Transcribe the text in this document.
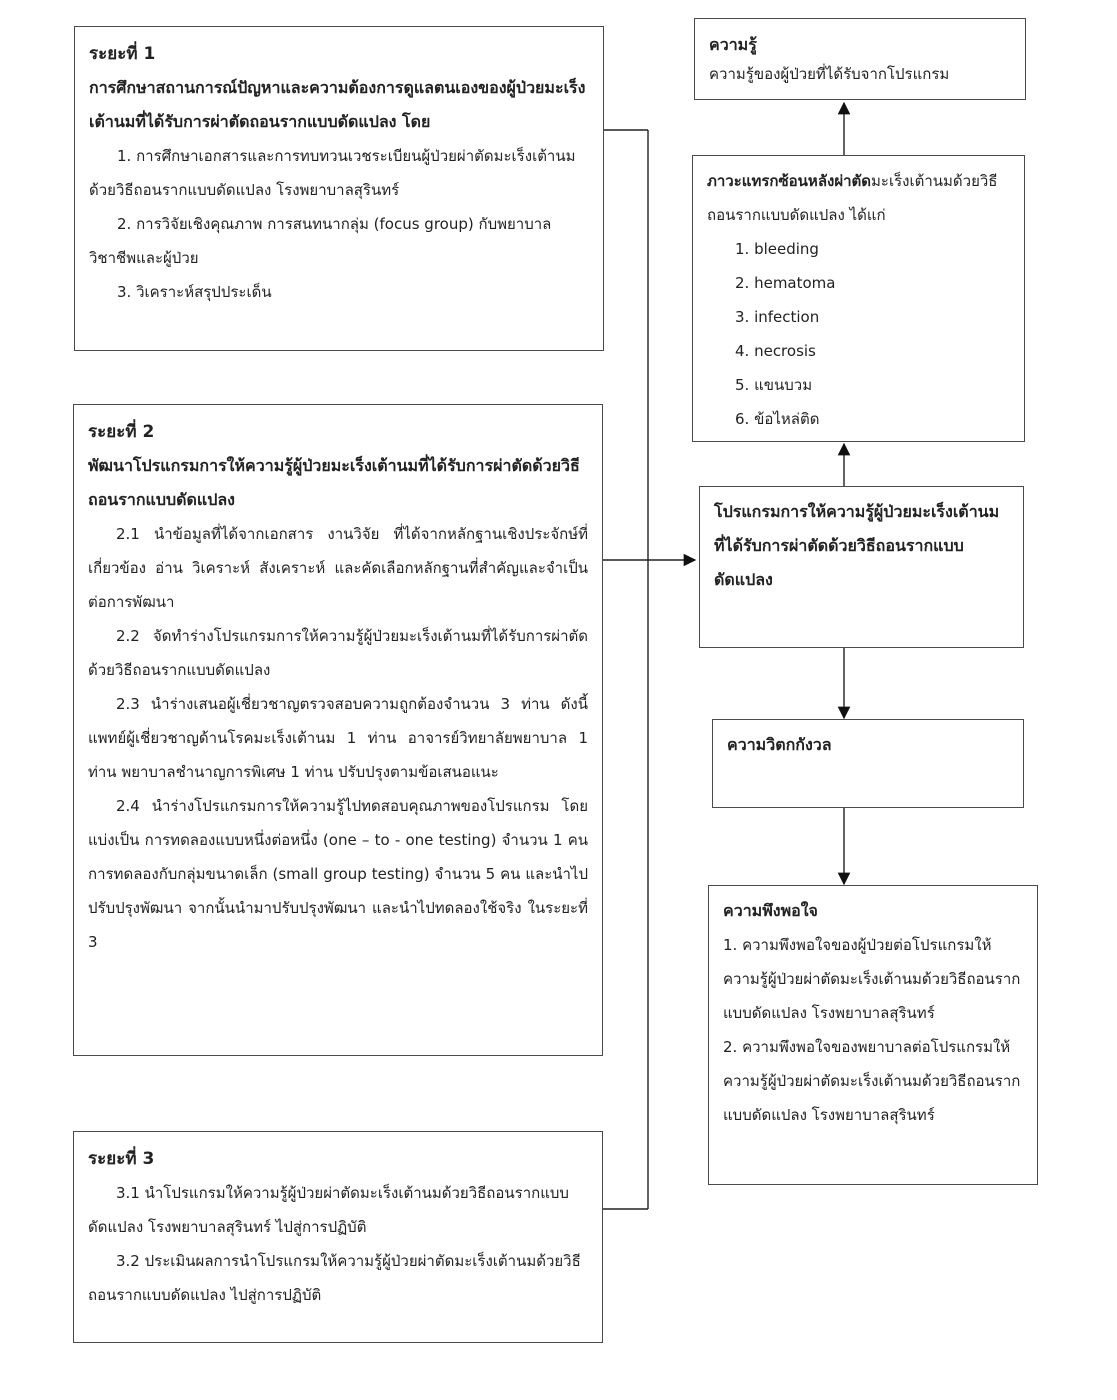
ระยะที่ 1
การศึกษาสถานการณ์ปัญหาและความต้องการดูแลตนเองของผู้ป่วยมะเร็งเต้านมที่ได้รับการผ่าตัดถอนรากแบบดัดแปลง โดย
1. การศึกษาเอกสารและการทบทวนเวชระเบียนผู้ป่วยผ่าตัดมะเร็งเต้านมด้วยวิธีถอนรากแบบดัดแปลง โรงพยาบาลสุรินทร์
2. การวิจัยเชิงคุณภาพ การสนทนากลุ่ม (focus group) กับพยาบาลวิชาชีพและผู้ป่วย
3. วิเคราะห์สรุปประเด็น
ระยะที่ 2
พัฒนาโปรแกรมการให้ความรู้ผู้ป่วยมะเร็งเต้านมที่ได้รับการผ่าตัดด้วยวิธีถอนรากแบบดัดแปลง
2.1 นำข้อมูลที่ได้จากเอกสาร งานวิจัย ที่ได้จากหลักฐานเชิงประจักษ์ที่เกี่ยวข้อง อ่าน วิเคราะห์ สังเคราะห์ และคัดเลือกหลักฐานที่สำคัญและจำเป็นต่อการพัฒนา
2.2 จัดทำร่างโปรแกรมการให้ความรู้ผู้ป่วยมะเร็งเต้านมที่ได้รับการผ่าตัดด้วยวิธีถอนรากแบบดัดแปลง
2.3 นำร่างเสนอผู้เชี่ยวชาญตรวจสอบความถูกต้องจำนวน 3 ท่าน ดังนี้ แพทย์ผู้เชี่ยวชาญด้านโรคมะเร็งเต้านม 1 ท่าน อาจารย์วิทยาลัยพยาบาล 1 ท่าน พยาบาลชำนาญการพิเศษ 1 ท่าน ปรับปรุงตามข้อเสนอแนะ
2.4 นำร่างโปรแกรมการให้ความรู้ไปทดสอบคุณภาพของโปรแกรม โดยแบ่งเป็น การทดลองแบบหนึ่งต่อหนึ่ง (one – to - one testing) จำนวน 1 คน การทดลองกับกลุ่มขนาดเล็ก (small group testing) จำนวน 5 คน และนำไปปรับปรุงพัฒนา จากนั้นนำมาปรับปรุงพัฒนา และนำไปทดลองใช้จริง ในระยะที่ 3
ระยะที่ 3
3.1 นำโปรแกรมให้ความรู้ผู้ป่วยผ่าตัดมะเร็งเต้านมด้วยวิธีถอนรากแบบดัดแปลง โรงพยาบาลสุรินทร์ ไปสู่การปฏิบัติ
3.2 ประเมินผลการนำโปรแกรมให้ความรู้ผู้ป่วยผ่าตัดมะเร็งเต้านมด้วยวิธีถอนรากแบบดัดแปลง ไปสู่การปฏิบัติ
ความรู้
ความรู้ของผู้ป่วยที่ได้รับจากโปรแกรม
ภาวะแทรกซ้อนหลังผ่าตัดมะเร็งเต้านมด้วยวิธีถอนรากแบบดัดแปลง ได้แก่
1. bleeding
2. hematoma
3. infection
4. necrosis
5. แขนบวม
6. ข้อไหล่ติด
โปรแกรมการให้ความรู้ผู้ป่วยมะเร็งเต้านมที่ได้รับการผ่าตัดด้วยวิธีถอนรากแบบดัดแปลง
ความวิตกกังวล
ความพึงพอใจ
1. ความพึงพอใจของผู้ป่วยต่อโปรแกรมให้ความรู้ผู้ป่วยผ่าตัดมะเร็งเต้านมด้วยวิธีถอนรากแบบดัดแปลง โรงพยาบาลสุรินทร์
2. ความพึงพอใจของพยาบาลต่อโปรแกรมให้ความรู้ผู้ป่วยผ่าตัดมะเร็งเต้านมด้วยวิธีถอนรากแบบดัดแปลง โรงพยาบาลสุรินทร์
